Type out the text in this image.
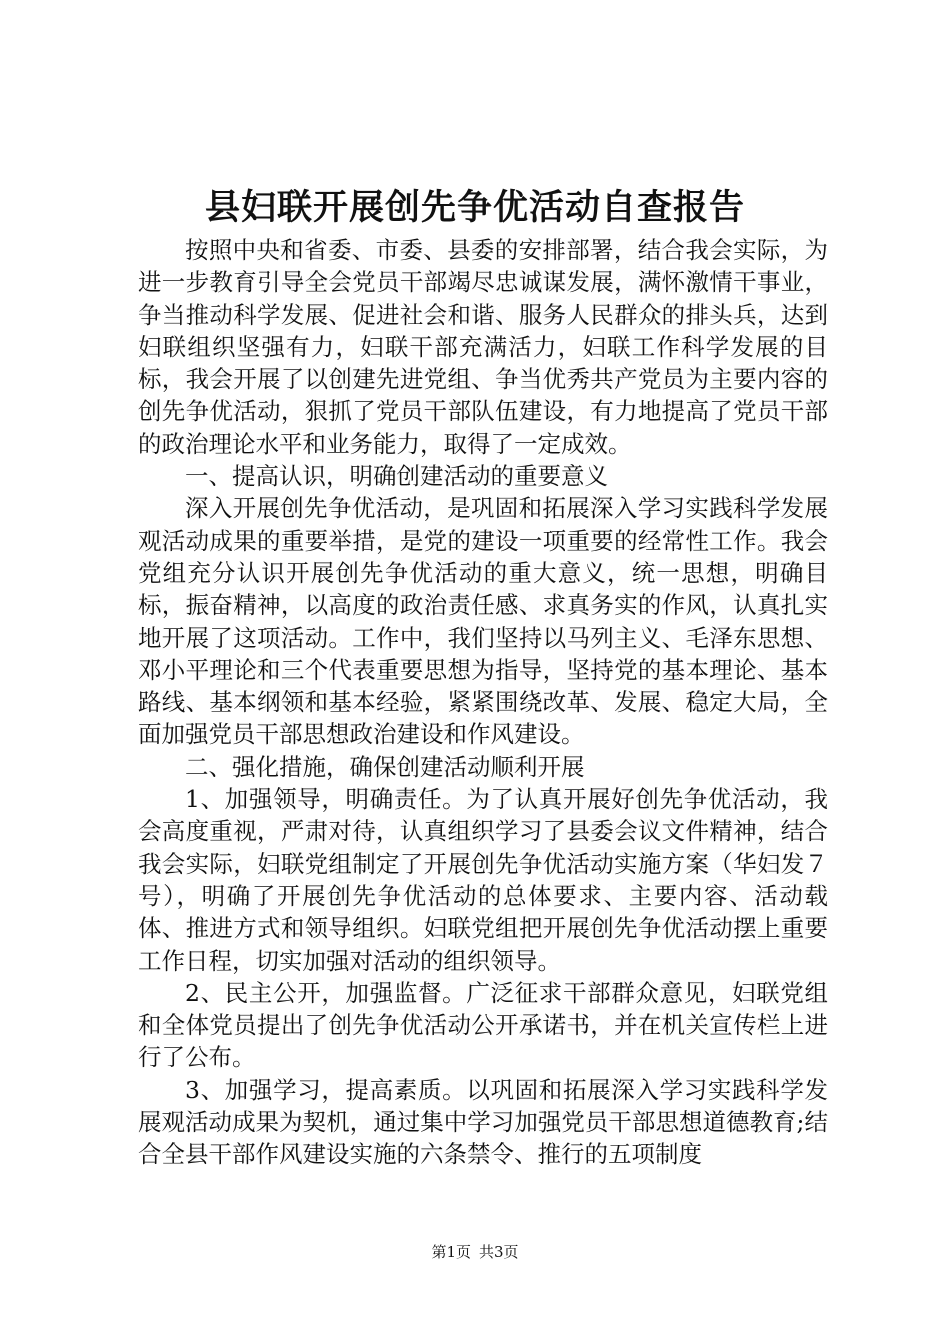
县妇联开展创先争优活动自查报告

按照中央和省委、市委、县委的安排部署，结合我会实际，为进一步教育引导全会党员干部竭尽忠诚谋发展，满怀激情干事业，争当推动科学发展、促进社会和谐、服务人民群众的排头兵，达到妇联组织坚强有力，妇联干部充满活力，妇联工作科学发展的目标，我会开展了以创建先进党组、争当优秀共产党员为主要内容的创先争优活动，狠抓了党员干部队伍建设，有力地提高了党员干部的政治理论水平和业务能力，取得了一定成效。

一、提高认识，明确创建活动的重要意义

深入开展创先争优活动，是巩固和拓展深入学习实践科学发展观活动成果的重要举措，是党的建设一项重要的经常性工作。我会党组充分认识开展创先争优活动的重大意义，统一思想，明确目标，振奋精神，以高度的政治责任感、求真务实的作风，认真扎实地开展了这项活动。工作中，我们坚持以马列主义、毛泽东思想、邓小平理论和三个代表重要思想为指导，坚持党的基本理论、基本路线、基本纲领和基本经验，紧紧围绕改革、发展、稳定大局，全面加强党员干部思想政治建设和作风建设。

二、强化措施，确保创建活动顺利开展

1、加强领导，明确责任。为了认真开展好创先争优活动，我会高度重视，严肃对待，认真组织学习了县委会议文件精神，结合我会实际，妇联党组制定了开展创先争优活动实施方案（华妇发７号），明确了开展创先争优活动的总体要求、主要内容、活动载体、推进方式和领导组织。妇联党组把开展创先争优活动摆上重要工作日程，切实加强对活动的组织领导。

2、民主公开，加强监督。广泛征求干部群众意见，妇联党组和全体党员提出了创先争优活动公开承诺书，并在机关宣传栏上进行了公布。

3、加强学习，提高素质。以巩固和拓展深入学习实践科学发展观活动成果为契机，通过集中学习加强党员干部思想道德教育;结合全县干部作风建设实施的六条禁令、推行的五项制度

第1页 共3页
